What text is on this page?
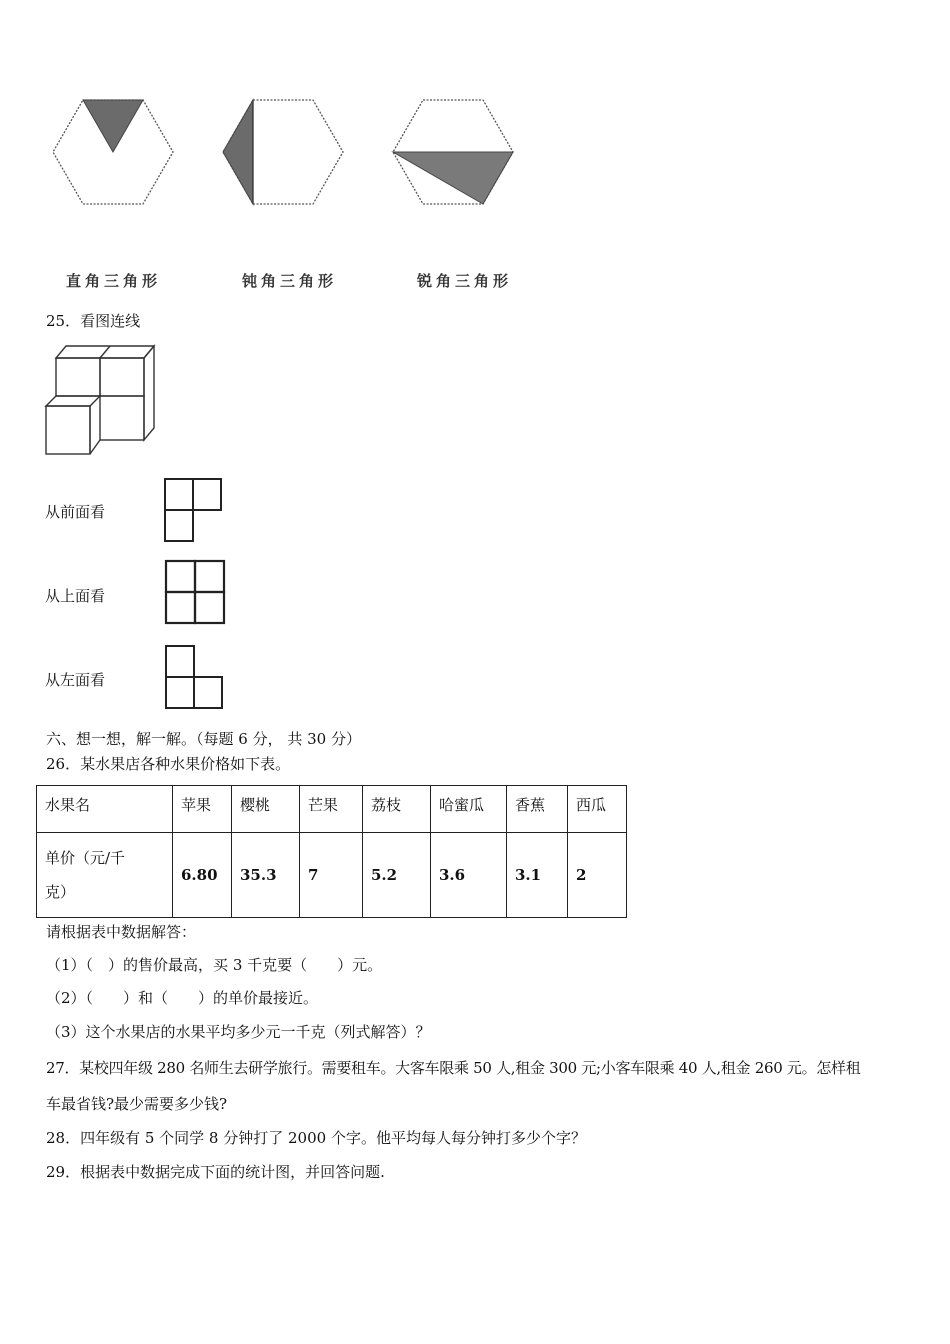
直角三角形	钝角三角形	锐角三角形
25．看图连线
从前面看
从上面看
从左面看
六、想一想，解一解。（每题 6 分， 共 30 分）
26．某水果店各种水果价格如下表。
水果名	苹果	樱桃	芒果	荔枝	哈蜜瓜	香蕉	西瓜

单价（元/千
克）	6.80	35.3	7	5.2	3.6	3.1	2
请根据表中数据解答：
（1）（　）的售价最高，买 3 千克要（　　）元。
（2）（　　）和（　　）的单价最接近。
（3）这个水果店的水果平均多少元一千克（列式解答）？
27．某校四年级 280 名师生去研学旅行。需要租车。大客车限乘 50 人,租金 300 元;小客车限乘 40 人,租金 260 元。怎样租
车最省钱?最少需要多少钱?
28．四年级有 5 个同学 8 分钟打了 2000 个字。他平均每人每分钟打多少个字？
29．根据表中数据完成下面的统计图，并回答问题.
